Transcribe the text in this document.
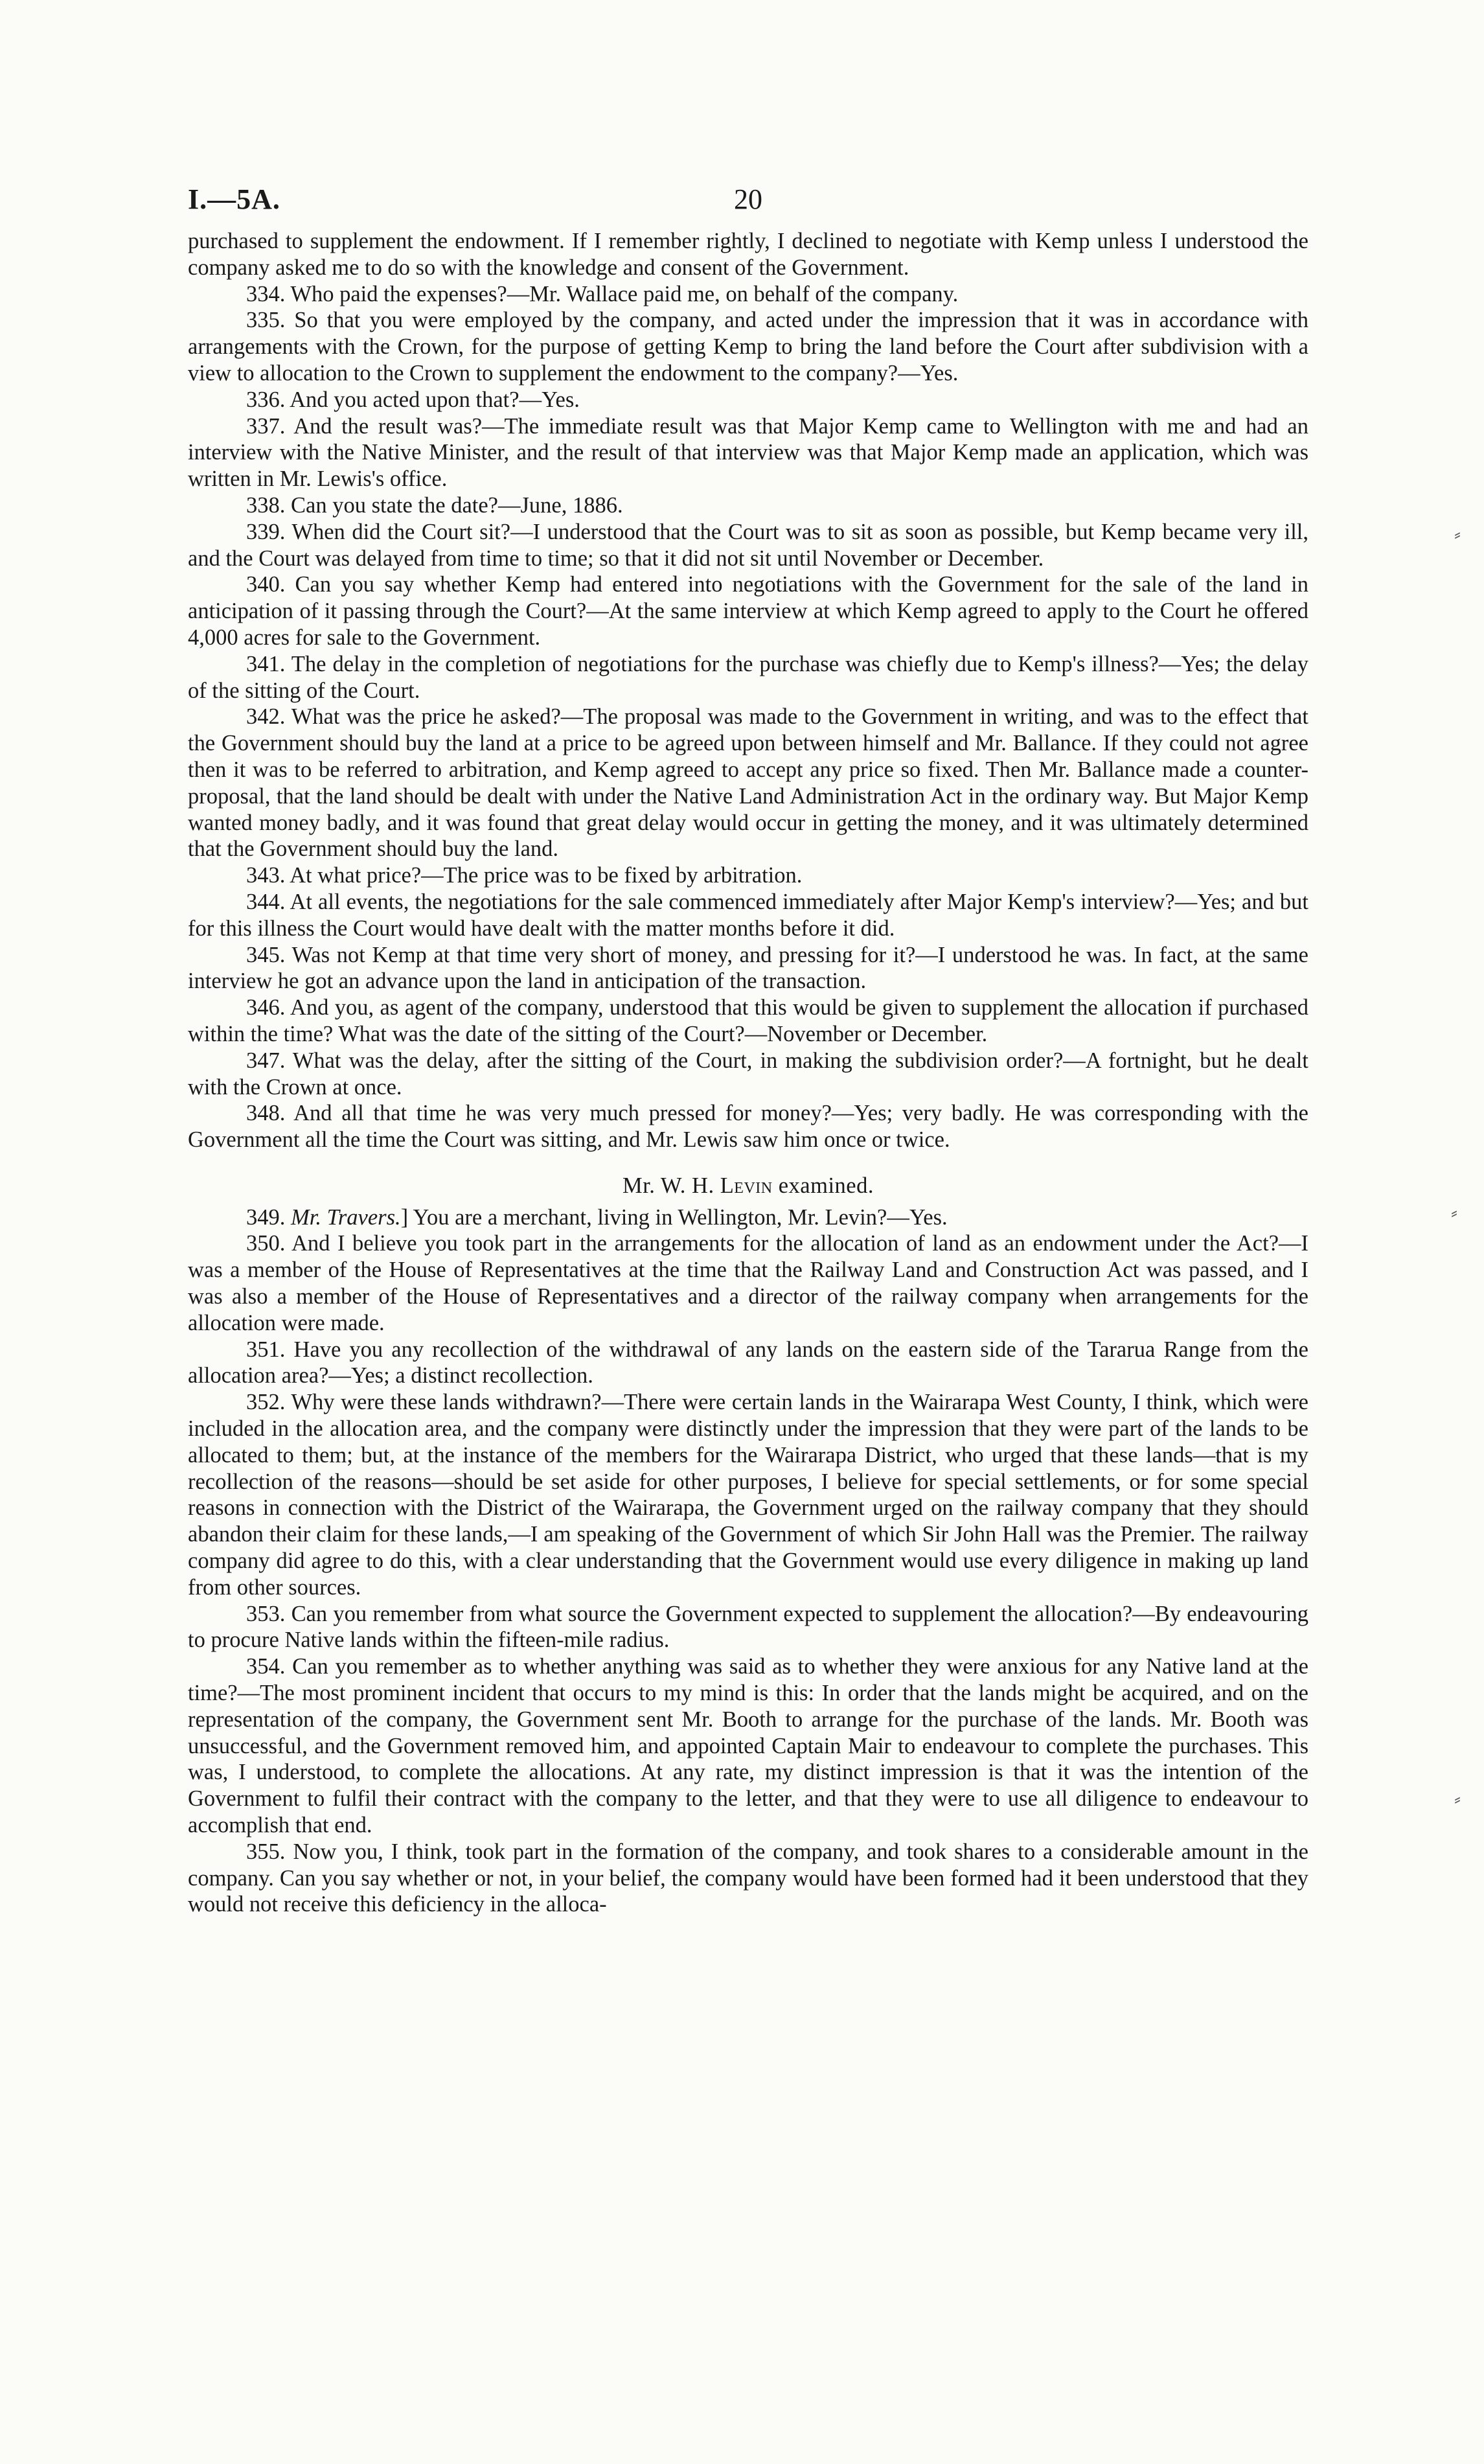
I.—5A.	20

purchased to supplement the endowment. If I remember rightly, I declined to negotiate with Kemp unless I understood the company asked me to do so with the knowledge and consent of the Government.

334. Who paid the expenses?—Mr. Wallace paid me, on behalf of the company.

335. So that you were employed by the company, and acted under the impression that it was in accordance with arrangements with the Crown, for the purpose of getting Kemp to bring the land before the Court after subdivision with a view to allocation to the Crown to supplement the endowment to the company?—Yes.

336. And you acted upon that?—Yes.

337. And the result was?—The immediate result was that Major Kemp came to Wellington with me and had an interview with the Native Minister, and the result of that interview was that Major Kemp made an application, which was written in Mr. Lewis's office.

338. Can you state the date?—June, 1886.

339. When did the Court sit?—I understood that the Court was to sit as soon as possible, but Kemp became very ill, and the Court was delayed from time to time; so that it did not sit until November or December.

340. Can you say whether Kemp had entered into negotiations with the Government for the sale of the land in anticipation of it passing through the Court?—At the same interview at which Kemp agreed to apply to the Court he offered 4,000 acres for sale to the Government.

341. The delay in the completion of negotiations for the purchase was chiefly due to Kemp's illness?—Yes; the delay of the sitting of the Court.

342. What was the price he asked?—The proposal was made to the Government in writing, and was to the effect that the Government should buy the land at a price to be agreed upon between himself and Mr. Ballance. If they could not agree then it was to be referred to arbitration, and Kemp agreed to accept any price so fixed. Then Mr. Ballance made a counter-proposal, that the land should be dealt with under the Native Land Administration Act in the ordinary way. But Major Kemp wanted money badly, and it was found that great delay would occur in getting the money, and it was ultimately determined that the Government should buy the land.

343. At what price?—The price was to be fixed by arbitration.

344. At all events, the negotiations for the sale commenced immediately after Major Kemp's interview?—Yes; and but for this illness the Court would have dealt with the matter months before it did.

345. Was not Kemp at that time very short of money, and pressing for it?—I understood he was. In fact, at the same interview he got an advance upon the land in anticipation of the transaction.

346. And you, as agent of the company, understood that this would be given to supplement the allocation if purchased within the time? What was the date of the sitting of the Court?—November or December.

347. What was the delay, after the sitting of the Court, in making the subdivision order?—A fortnight, but he dealt with the Crown at once.

348. And all that time he was very much pressed for money?—Yes; very badly. He was corresponding with the Government all the time the Court was sitting, and Mr. Lewis saw him once or twice.

Mr. W. H. Levin examined.

349. Mr. Travers.] You are a merchant, living in Wellington, Mr. Levin?—Yes.

350. And I believe you took part in the arrangements for the allocation of land as an endowment under the Act?—I was a member of the House of Representatives at the time that the Railway Land and Construction Act was passed, and I was also a member of the House of Representatives and a director of the railway company when arrangements for the allocation were made.

351. Have you any recollection of the withdrawal of any lands on the eastern side of the Tararua Range from the allocation area?—Yes; a distinct recollection.

352. Why were these lands withdrawn?—There were certain lands in the Wairarapa West County, I think, which were included in the allocation area, and the company were distinctly under the impression that they were part of the lands to be allocated to them; but, at the instance of the members for the Wairarapa District, who urged that these lands—that is my recollection of the reasons—should be set aside for other purposes, I believe for special settlements, or for some special reasons in connection with the District of the Wairarapa, the Government urged on the railway company that they should abandon their claim for these lands,—I am speaking of the Government of which Sir John Hall was the Premier. The railway company did agree to do this, with a clear understanding that the Government would use every diligence in making up land from other sources.

353. Can you remember from what source the Government expected to supplement the allocation?—By endeavouring to procure Native lands within the fifteen-mile radius.

354. Can you remember as to whether anything was said as to whether they were anxious for any Native land at the time?—The most prominent incident that occurs to my mind is this: In order that the lands might be acquired, and on the representation of the company, the Government sent Mr. Booth to arrange for the purchase of the lands. Mr. Booth was unsuccessful, and the Government removed him, and appointed Captain Mair to endeavour to complete the purchases. This was, I understood, to complete the allocations. At any rate, my distinct impression is that it was the intention of the Government to fulfil their contract with the company to the letter, and that they were to use all diligence to endeavour to accomplish that end.

355. Now you, I think, took part in the formation of the company, and took shares to a considerable amount in the company. Can you say whether or not, in your belief, the company would have been formed had it been understood that they would not receive this deficiency in the alloca-

⸗
⸗
⸗
